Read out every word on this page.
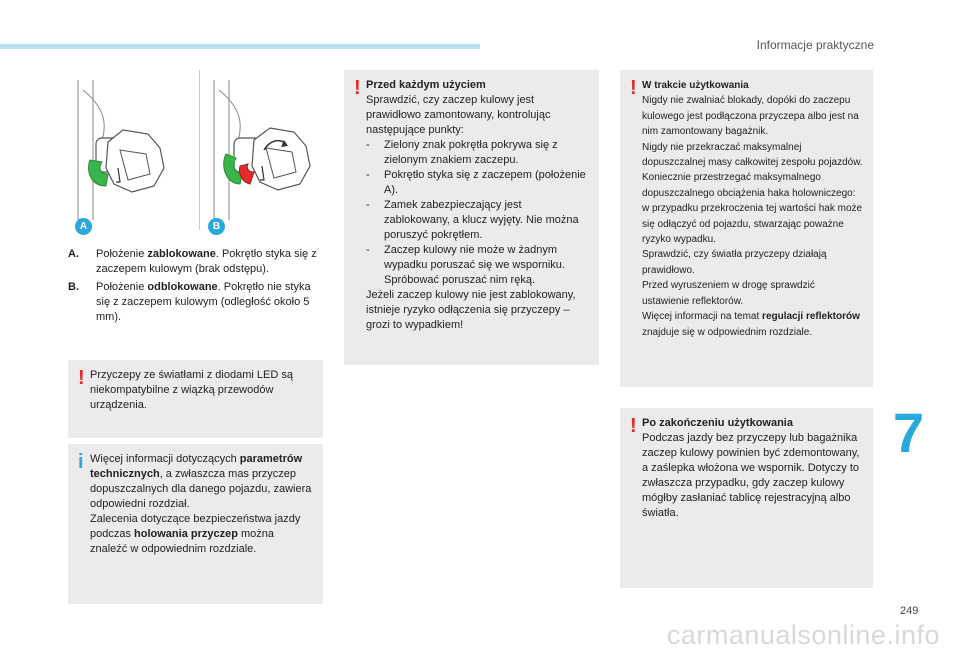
Informacje praktyczne
A	B
A.	Położenie zablokowane. Pokrętło styka się z zaczepem kulowym (brak odstępu).
B.	Położenie odblokowane. Pokrętło nie styka się z zaczepem kulowym (odległość około 5 mm).
! Przyczepy ze światłami z diodami LED są niekompatybilne z wiązką przewodów urządzenia.

i Więcej informacji dotyczących parametrów technicznych, a zwłaszcza mas przyczep dopuszczalnych dla danego pojazdu, zawiera odpowiedni rozdział.

Zalecenia dotyczące bezpieczeństwa jazdy podczas holowania przyczep można znaleźć w odpowiednim rozdziale.

! Przed każdym użyciem

Sprawdzić, czy zaczep kulowy jest prawidłowo zamontowany, kontrolując następujące punkty:

-	Zielony znak pokrętła pokrywa się z zielonym znakiem zaczepu.
-	Pokrętło styka się z zaczepem (położenie A).
-	Zamek zabezpieczający jest zablokowany, a klucz wyjęty. Nie można poruszyć pokrętłem.
-	Zaczep kulowy nie może w żadnym wypadku poruszać się we wsporniku. Spróbować poruszać nim ręką.

Jeżeli zaczep kulowy nie jest zablokowany, istnieje ryzyko odłączenia się przyczepy – grozi to wypadkiem!

! W trakcie użytkowania

Nigdy nie zwalniać blokady, dopóki do zaczepu kulowego jest podłączona przyczepa albo jest na nim zamontowany bagażnik.

Nigdy nie przekraczać maksymalnej dopuszczalnej masy całkowitej zespołu pojazdów.

Koniecznie przestrzegać maksymalnego dopuszczalnego obciążenia haka holowniczego: w przypadku przekroczenia tej wartości hak może się odłączyć od pojazdu, stwarzając poważne ryzyko wypadku.

Sprawdzić, czy światła przyczepy działają prawidłowo.

Przed wyruszeniem w drogę sprawdzić ustawienie reflektorów.

Więcej informacji na temat regulacji reflektorów znajduje się w odpowiednim rozdziale.

! Po zakończeniu użytkowania

Podczas jazdy bez przyczepy lub bagażnika zaczep kulowy powinien być zdemontowany, a zaślepka włożona we wspornik. Dotyczy to zwłaszcza przypadku, gdy zaczep kulowy mógłby zasłaniać tablicę rejestracyjną albo światła.

7
249
carmanualsonline.info
